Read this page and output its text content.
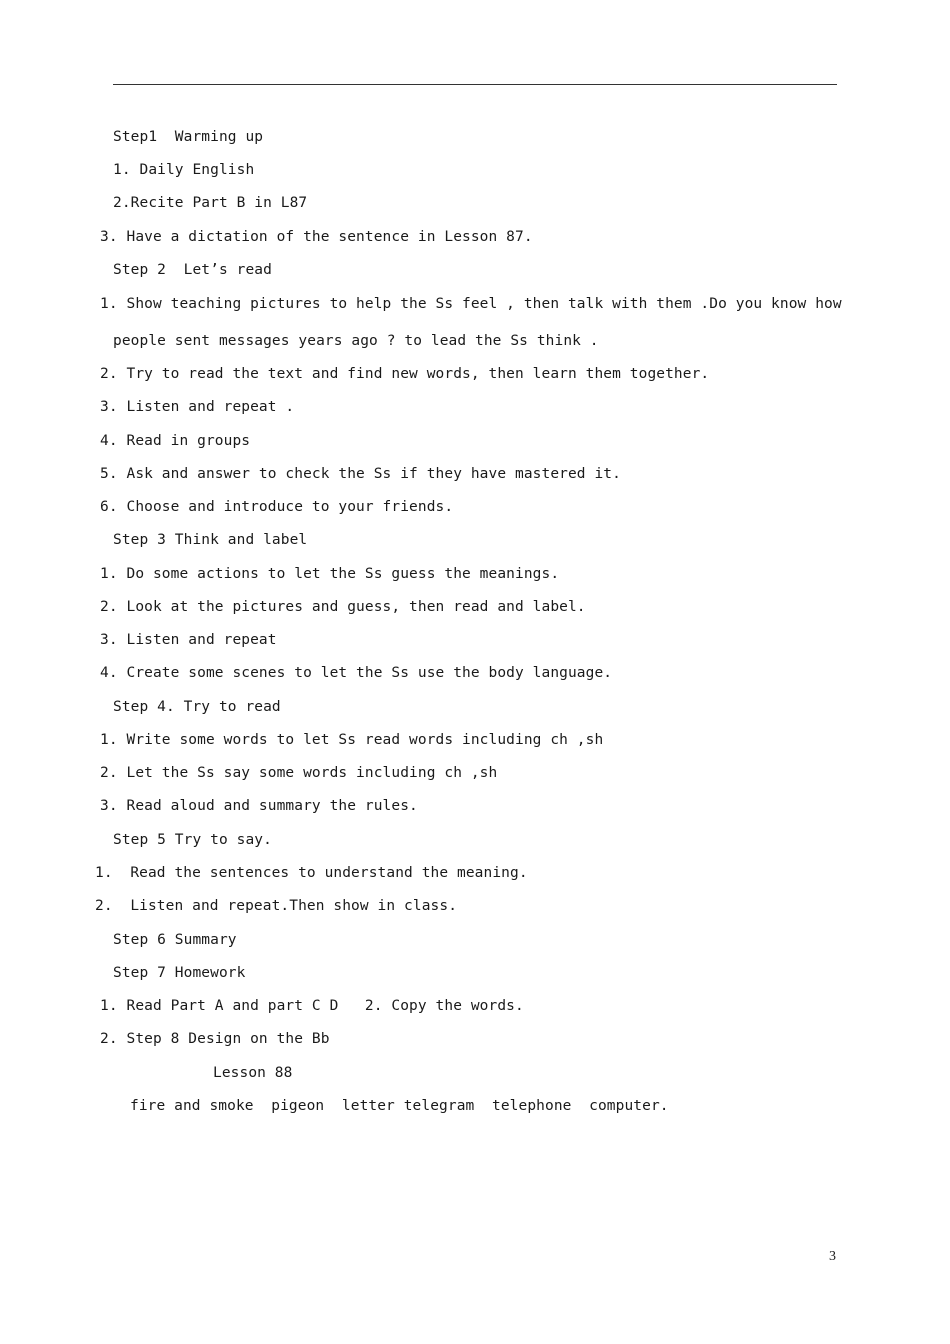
Step1  Warming up
1. Daily English
2.Recite Part B in L87
3. Have a dictation of the sentence in Lesson 87.
Step 2  Let’s read
1. Show teaching pictures to help the Ss feel , then talk with them .Do you know how
people sent messages years ago ? to lead the Ss think .
2. Try to read the text and find new words, then learn them together.
3. Listen and repeat .
4. Read in groups
5. Ask and answer to check the Ss if they have mastered it.
6. Choose and introduce to your friends.
Step 3 Think and label
1. Do some actions to let the Ss guess the meanings.
2. Look at the pictures and guess, then read and label.
3. Listen and repeat
4. Create some scenes to let the Ss use the body language.
Step 4. Try to read
1. Write some words to let Ss read words including ch ,sh
2. Let the Ss say some words including ch ,sh
3. Read aloud and summary the rules.
Step 5 Try to say.
1.  Read the sentences to understand the meaning.
2.  Listen and repeat.Then show in class.
Step 6 Summary
Step 7 Homework
1. Read Part A and part C D   2. Copy the words.
2. Step 8 Design on the Bb
Lesson 88
fire and smoke  pigeon  letter telegram  telephone  computer.
3
